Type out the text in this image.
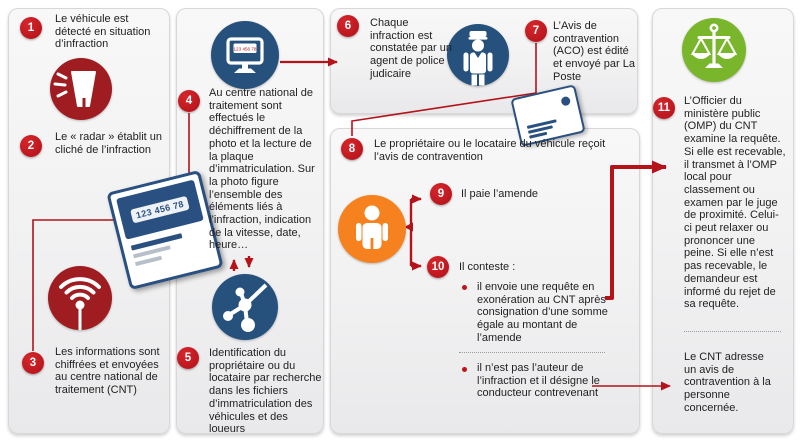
123 456 78
123 456 78
1
2
3
4
5
6	7
8
9
10
11
Le véhicule est détecté en situation d’infraction
Le « radar » établit un cliché de l’infraction
Les informations sont chiffrées et envoyées au centre national de traitement (CNT)
Au centre national de traitement sont effectués le déchiffrement de la photo et la lecture de la plaque d’immatriculation. Sur la photo figure l’ensemble des éléments liés à l’infraction, indication de la vitesse, date, heure…
Identification du propriétaire ou du locataire par recherche dans les fichiers d’immatriculation des véhicules et des loueurs
Chaque infraction est constatée par un agent de police judicaire
L’Avis de contravention (ACO) est édité et envoyé par La Poste
Le propriétaire ou le locataire du véhicule reçoit l’avis de contravention
Il paie l’amende
Il conteste :
il envoie une requête en exonération au CNT après consignation d’une somme égale au montant de l’amende
il n’est pas l’auteur de l’infraction et il désigne le conducteur contrevenant
L’Officier du ministère public (OMP) du CNT examine la requête. Si elle est recevable, il transmet à l’OMP local pour classement ou examen par le juge de proximité. Celui-ci peut relaxer ou prononcer une peine. Si elle n’est pas recevable, le demandeur est informé du rejet de sa requête.
Le CNT adresse un avis de contravention à la personne concernée.
